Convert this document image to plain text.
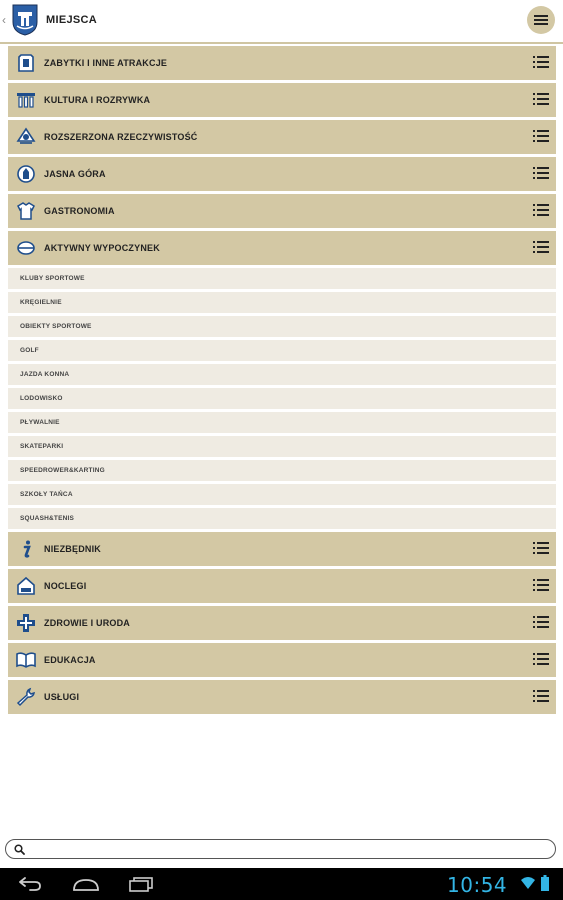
‹	MIEJSCA
ZABYTKI I INNE ATRAKCJE
KULTURA I ROZRYWKA
ROZSZERZONA RZECZYWISTOŚĆ
JASNA GÓRA
GASTRONOMIA
AKTYWNY WYPOCZYNEK
KLUBY SPORTOWE
KRĘGIELNIE
OBIEKTY SPORTOWE
GOLF
JAZDA KONNA
LODOWISKO
PŁYWALNIE
SKATEPARKI
SPEEDROWER&KARTING
SZKOŁY TAŃCA
SQUASH&TENIS
NIEZBĘDNIK
NOCLEGI
ZDROWIE I URODA
EDUKACJA
USŁUGI
10:54
